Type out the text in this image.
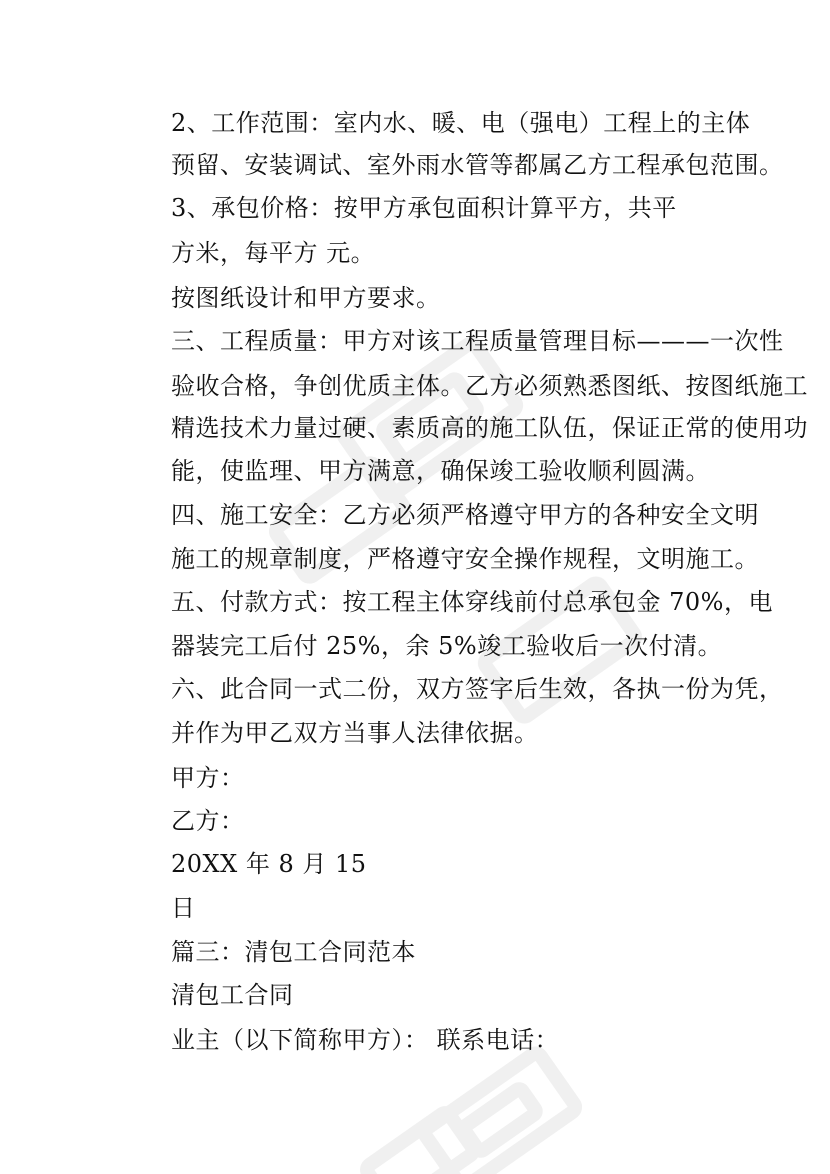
2、工作范围：室内水、暖、电（强电）工程上的主体
预留、安装调试、室外雨水管等都属乙方工程承包范围。
3、承包价格：按甲方承包面积计算平方，共平
方米，每平方 元。
按图纸设计和甲方要求。
三、工程质量：甲方对该工程质量管理目标———一次性
验收合格，争创优质主体。乙方必须熟悉图纸、按图纸施工
精选技术力量过硬、素质高的施工队伍，保证正常的使用功
能，使监理、甲方满意，确保竣工验收顺利圆满。
四、施工安全：乙方必须严格遵守甲方的各种安全文明
施工的规章制度，严格遵守安全操作规程，文明施工。
五、付款方式：按工程主体穿线前付总承包金 70%，电
器装完工后付 25%，余 5%竣工验收后一次付清。
六、此合同一式二份，双方签字后生效，各执一份为凭，
并作为甲乙双方当事人法律依据。
甲方：
乙方：
20XX 年 8 月 15
日
篇三：清包工合同范本
清包工合同
业主（以下简称甲方）： 联系电话：
